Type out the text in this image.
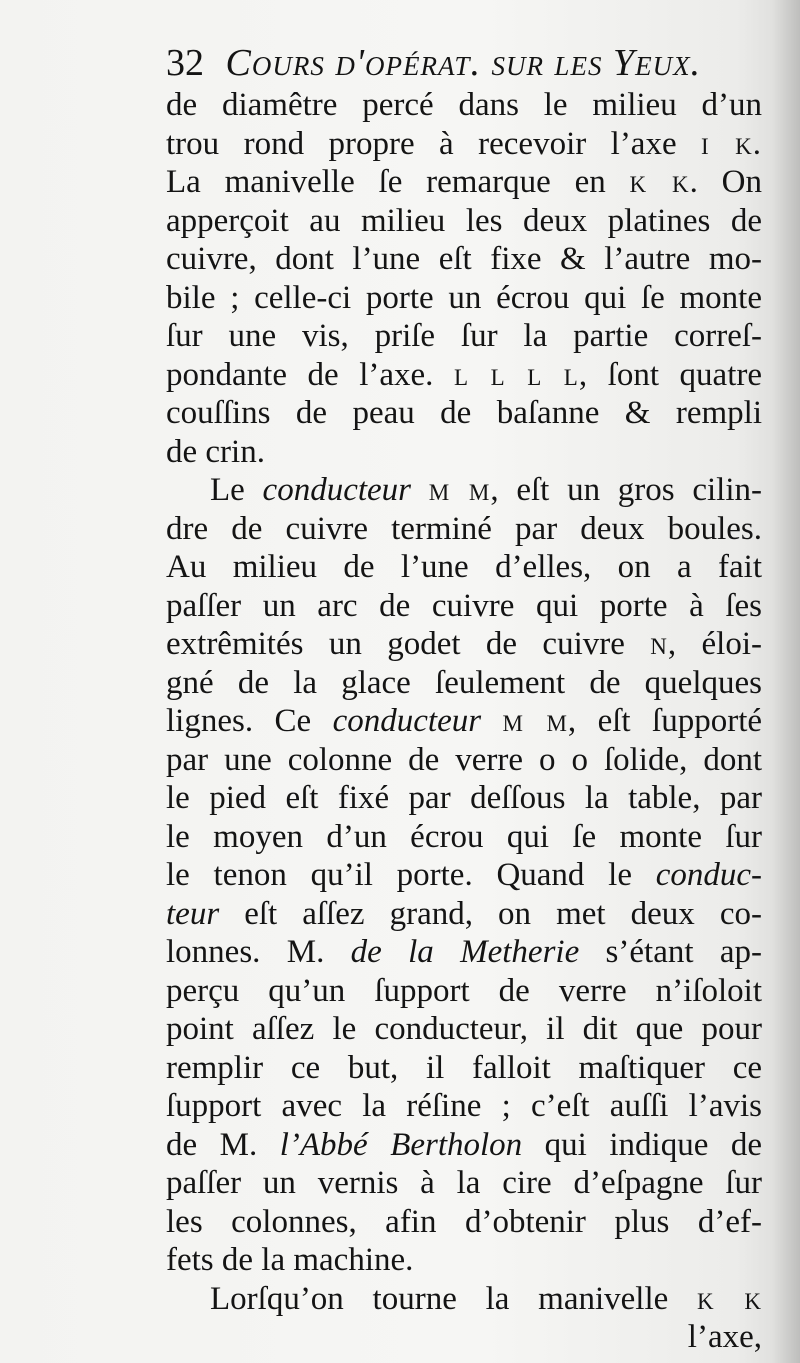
32 Cours d'opérat. sur les Yeux.
de diamêtre percé dans le milieu d’un
trou rond propre à recevoir l’axe i k.
La manivelle ſe remarque en k k. On
apperçoit au milieu les deux platines de
cuivre, dont l’une eſt fixe & l’autre mo-
bile ; celle-ci porte un écrou qui ſe monte
ſur une vis, priſe ſur la partie correſ-
pondante de l’axe. l l l l, ſont quatre
couſſins de peau de baſanne & rempli
de crin.
Le conducteur m m, eſt un gros cilin-
dre de cuivre terminé par deux boules.
Au milieu de l’une d’elles, on a fait
paſſer un arc de cuivre qui porte à ſes
extrêmités un godet de cuivre n, éloi-
gné de la glace ſeulement de quelques
lignes. Ce conducteur m m, eſt ſupporté
par une colonne de verre o o ſolide, dont
le pied eſt fixé par deſſous la table, par
le moyen d’un écrou qui ſe monte ſur
le tenon qu’il porte. Quand le conduc-
teur eſt aſſez grand, on met deux co-
lonnes. M. de la Metherie s’étant ap-
perçu qu’un ſupport de verre n’iſoloit
point aſſez le conducteur, il dit que pour
remplir ce but, il falloit maſtiquer ce
ſupport avec la réſine ; c’eſt auſſi l’avis
de M. l’Abbé Bertholon qui indique de
paſſer un vernis à la cire d’eſpagne ſur
les colonnes, afin d’obtenir plus d’ef-
fets de la machine.
Lorſqu’on tourne la manivelle k k
l’axe,
